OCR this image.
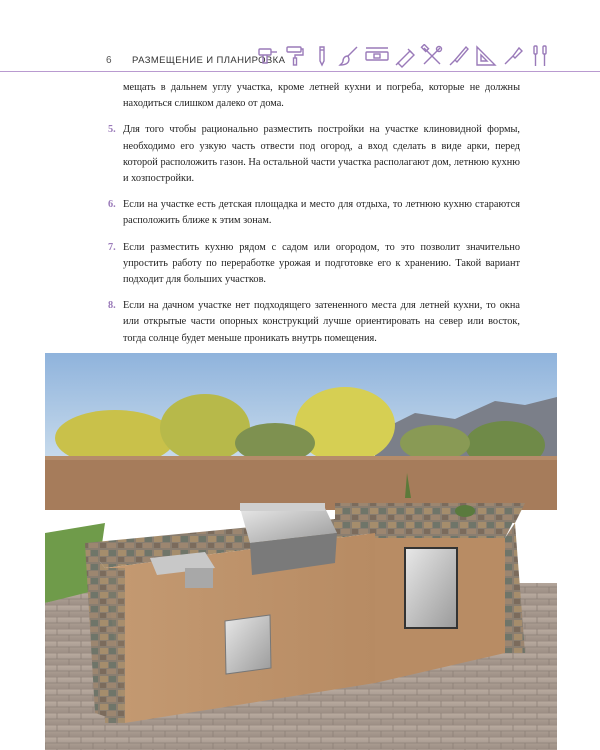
6 РАЗМЕЩЕНИЕ И ПЛАНИРОВКА

мещать в дальнем углу участка, кроме летней кухни и погреба, которые не должны находиться слишком далеко от дома.

5. Для того чтобы рационально разместить постройки на участке клиновидной формы, необходимо его узкую часть отвести под огород, а вход сделать в виде арки, перед которой расположить газон. На остальной части участка располагают дом, летнюю кухню и хозпостройки.

6. Если на участке есть детская площадка и место для отдыха, то летнюю кухню стараются расположить ближе к этим зонам.

7. Если разместить кухню рядом с садом или огородом, то это позволит значительно упростить работу по переработке урожая и подготовке его к хранению. Такой вариант подходит для больших участков.

8. Если на дачном участке нет подходящего затененного места для летней кухни, то окна или открытые части опорных конструкций лучше ориентировать на север или восток, тогда солнце будет меньше проникать внутрь помещения.
